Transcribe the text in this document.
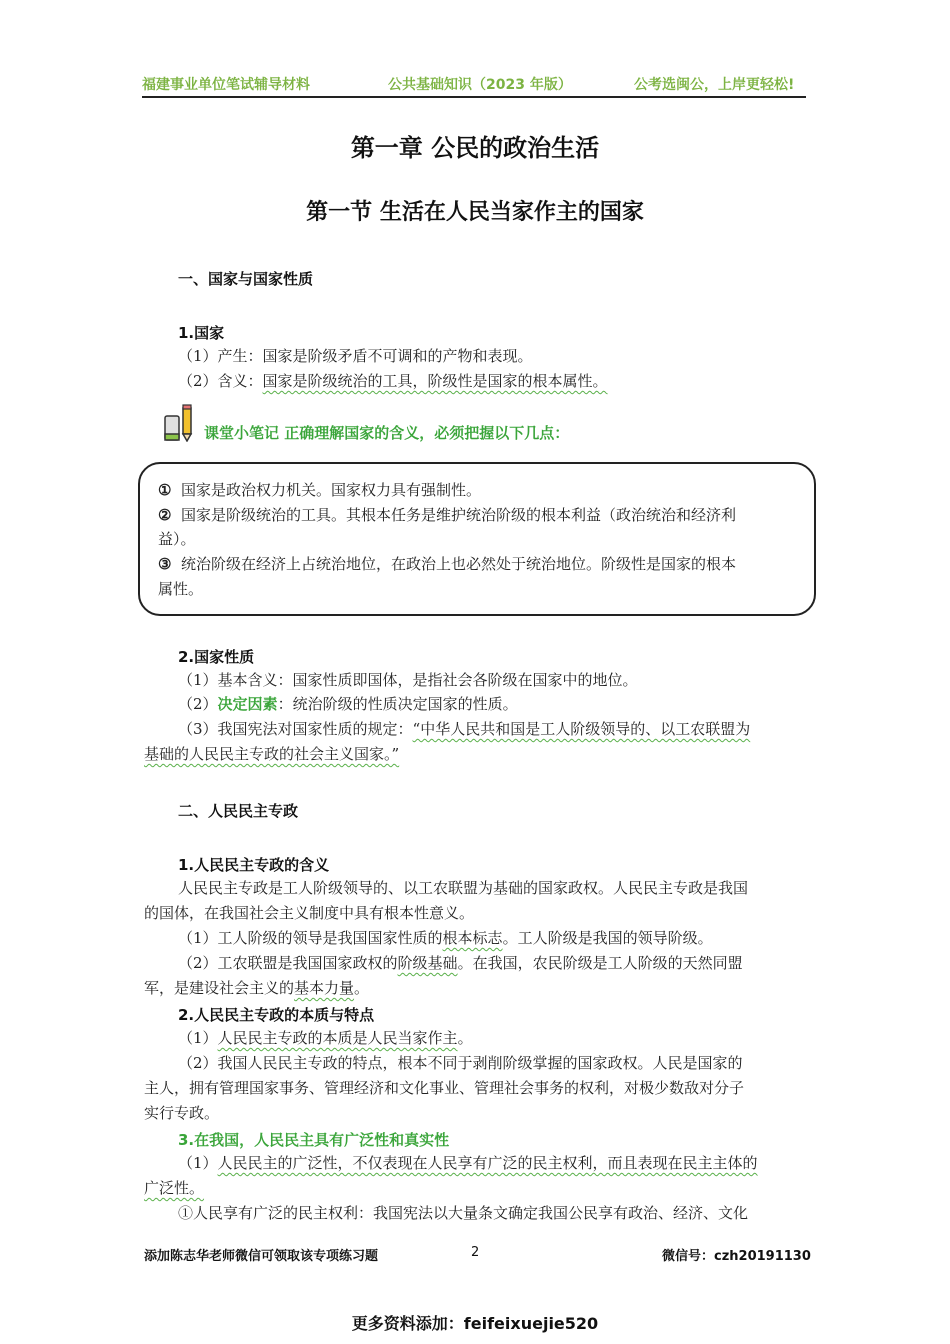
福建事业单位笔试辅导材料	公共基础知识（2023 年版）	公考选闽公，上岸更轻松!
第一章 公民的政治生活
第一节 生活在人民当家作主的国家
一、国家与国家性质
1.国家
（1）产生：国家是阶级矛盾不可调和的产物和表现。
（2）含义：国家是阶级统治的工具，阶级性是国家的根本属性。
课堂小笔记 正确理解国家的含义，必须把握以下几点：
① 国家是政治权力机关。国家权力具有强制性。
② 国家是阶级统治的工具。其根本任务是维护统治阶级的根本利益（政治统治和经济利
益）。
③ 统治阶级在经济上占统治地位，在政治上也必然处于统治地位。阶级性是国家的根本
属性。
2.国家性质
（1）基本含义：国家性质即国体，是指社会各阶级在国家中的地位。
（2）决定因素：统治阶级的性质决定国家的性质。
（3）我国宪法对国家性质的规定：“中华人民共和国是工人阶级领导的、以工农联盟为
基础的人民民主专政的社会主义国家。”
二、人民民主专政
1.人民民主专政的含义
人民民主专政是工人阶级领导的、以工农联盟为基础的国家政权。人民民主专政是我国
的国体，在我国社会主义制度中具有根本性意义。
（1）工人阶级的领导是我国国家性质的根本标志。工人阶级是我国的领导阶级。
（2）工农联盟是我国国家政权的阶级基础。在我国，农民阶级是工人阶级的天然同盟
军，是建设社会主义的基本力量。
2.人民民主专政的本质与特点
（1）人民民主专政的本质是人民当家作主。
（2）我国人民民主专政的特点，根本不同于剥削阶级掌握的国家政权。人民是国家的
主人，拥有管理国家事务、管理经济和文化事业、管理社会事务的权利，对极少数敌对分子
实行专政。
3.在我国，人民民主具有广泛性和真实性
（1）人民民主的广泛性，不仅表现在人民享有广泛的民主权利，而且表现在民主主体的
广泛性。
①人民享有广泛的民主权利：我国宪法以大量条文确定我国公民享有政治、经济、文化
添加陈志华老师微信可领取该专项练习题	2	微信号：czh20191130
更多资料添加：feifeixuejie520
